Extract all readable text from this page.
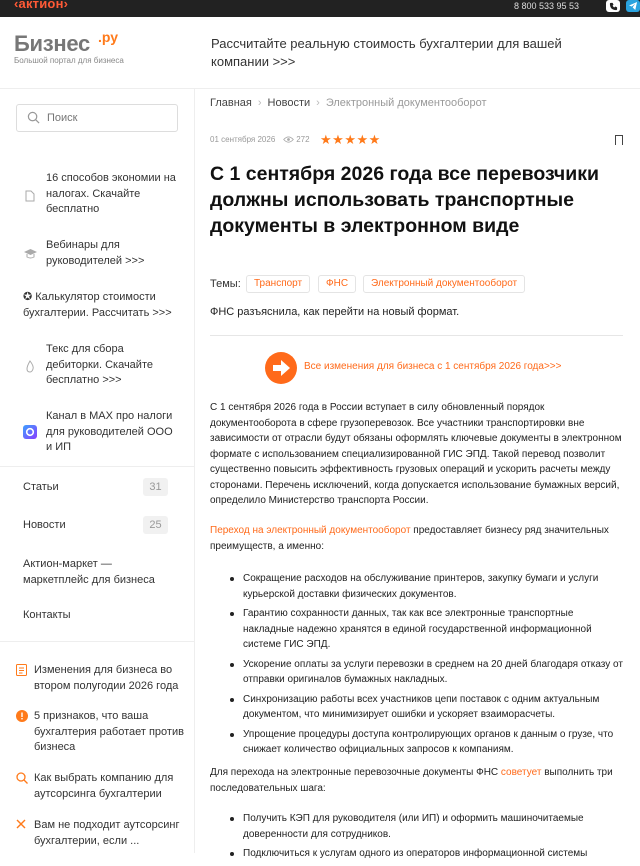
‹актион›	8 800 533 95 53
Бизнес .ру
Большой портал для бизнеса
Рассчитайте реальную стоимость бухгалтерии для вашей компании >>>
Поиск
16 способов экономии на налогах. Скачайте бесплатно
Вебинары для руководителей >>>
✪ Калькулятор стоимости бухгалтерии. Рассчитать >>>
Текс для сбора дебиторки. Скачайте бесплатно >>>
Канал в MAX про налоги для руководителей ООО и ИП
Статьи	31
Новости	25
Актион-маркет — маркетплейс для бизнеса
Контакты
Изменения для бизнеса во втором полугодии 2026 года
5 признаков, что ваша бухгалтерия работает против бизнеса
Как выбрать компанию для аутсорсинга бухгалтерии
Вам не подходит аутсорсинг бухгалтерии, если ...
Главная › Новости › Электронный документооборот
01 сентября 2026	272 ★★★★★
С 1 сентября 2026 года все перевозчики должны использовать транспортные документы в электронном виде
Темы:	Транспорт	ФНС	Электронный документооборот
ФНС разъяснила, как перейти на новый формат.
Все изменения для бизнеса с 1 сентября 2026 года>>>
С 1 сентября 2026 года в России вступает в силу обновленный порядок документооборота в сфере грузоперевозок. Все участники транспортировки вне зависимости от отрасли будут обязаны оформлять ключевые документы в электронном формате с использованием специализированной ГИС ЭПД. Такой перевод позволит существенно повысить эффективность грузовых операций и ускорить расчеты между сторонами. Перечень исключений, когда допускается использование бумажных версий, определило Министерство транспорта России.
Переход на электронный документооборот предоставляет бизнесу ряд значительных преимуществ, а именно:
Сокращение расходов на обслуживание принтеров, закупку бумаги и услуги курьерской доставки физических документов.
Гарантию сохранности данных, так как все электронные транспортные накладные надежно хранятся в единой государственной информационной системе ГИС ЭПД.
Ускорение оплаты за услуги перевозки в среднем на 20 дней благодаря отказу от отправки оригиналов бумажных накладных.
Синхронизацию работы всех участников цепи поставок с одним актуальным документом, что минимизирует ошибки и ускоряет взаиморасчеты.
Упрощение процедуры доступа контролирующих органов к данным о грузе, что снижает количество официальных запросов к компаниям.
Для перехода на электронные перевозочные документы ФНС советует выполнить три последовательных шага:
Получить КЭП для руководителя (или ИП) и оформить машиночитаемые доверенности для сотрудников.
Подключиться к услугам одного из операторов информационной системы
